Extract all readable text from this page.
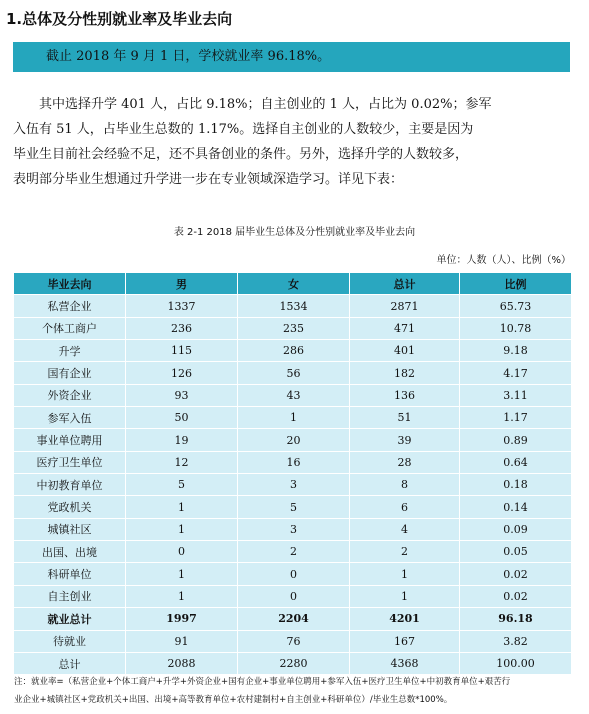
1.总体及分性别就业率及毕业去向
截止 2018 年 9 月 1 日，学校就业率 96.18%。

其中选择升学 401 人，占比 9.18%；自主创业的 1 人，占比为 0.02%；参军
入伍有 51 人，占毕业生总数的 1.17%。选择自主创业的人数较少，主要是因为
毕业生目前社会经验不足，还不具备创业的条件。另外，选择升学的人数较多，
表明部分毕业生想通过升学进一步在专业领域深造学习。详见下表：

表 2-1 2018 届毕业生总体及分性别就业率及毕业去向
单位：人数（人）、比例（%）
毕业去向	男	女	总计	比例
私营企业	1337	1534	2871	65.73
个体工商户	236	235	471	10.78
升学	115	286	401	9.18
国有企业	126	56	182	4.17
外资企业	93	43	136	3.11
参军入伍	50	1	51	1.17
事业单位聘用	19	20	39	0.89
医疗卫生单位	12	16	28	0.64
中初教育单位	5	3	8	0.18
党政机关	1	5	6	0.14
城镇社区	1	3	4	0.09
出国、出境	0	2	2	0.05
科研单位	1	0	1	0.02
自主创业	1	0	1	0.02
就业总计	1997	2204	4201	96.18
待就业	91	76	167	3.82
总计	2088	2280	4368	100.00
注：就业率=（私营企业+个体工商户+升学+外资企业+国有企业+事业单位聘用+参军入伍+医疗卫生单位+中初教育单位+艰苦行
业企业+城镇社区+党政机关+出国、出境+高等教育单位+农村建制村+自主创业+科研单位）/毕业生总数*100%。
